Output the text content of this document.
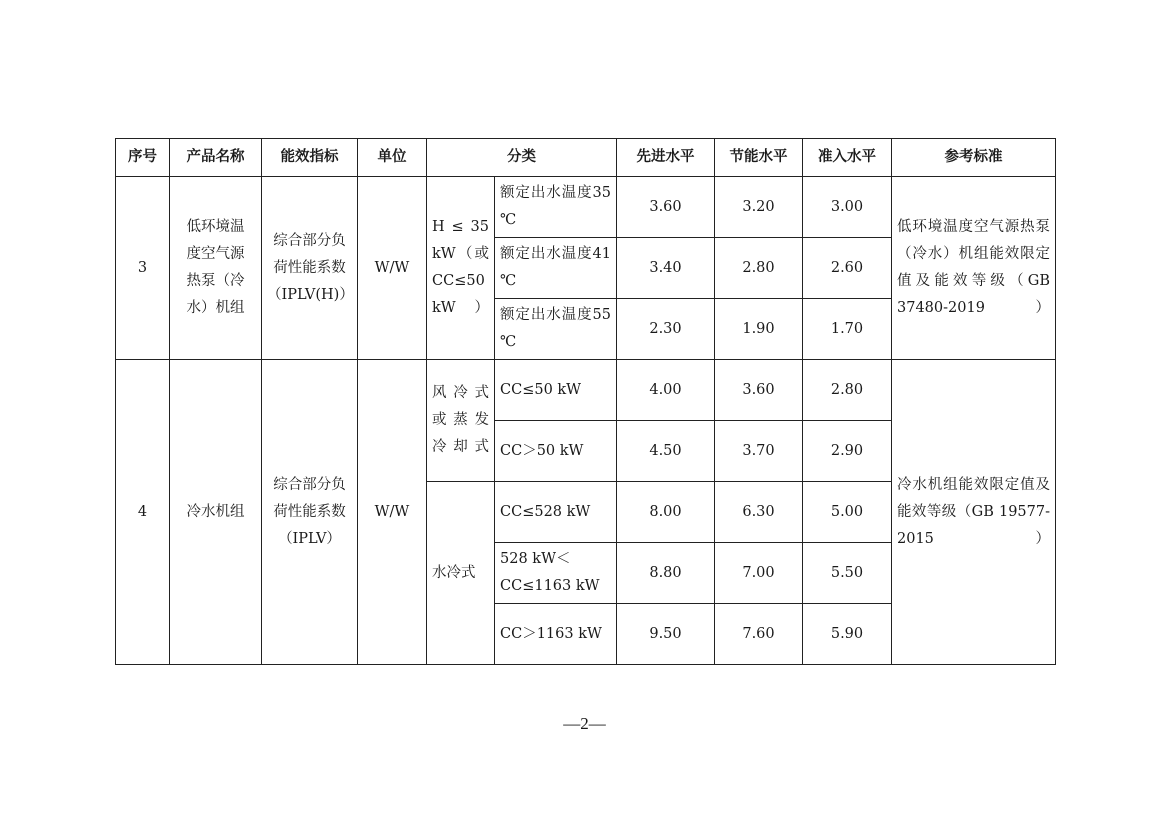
序号	产品名称	能效指标	单位	分类		先进水平	节能水平	准入水平	参考标准
3	低环境温度空气源热泵（冷水）机组	综合部分负荷性能系数（IPLV(H)）	W/W	H ≤ 35 kW（或CC≤50 kW）	额定出水温度35 ℃	3.60	3.20	3.00	低环境温度空气源热泵（冷水）机组能效限定值及能效等级（GB 37480-2019 ）
					额定出水温度41 ℃	3.40	2.80	2.60	
					额定出水温度55 ℃	2.30	1.90	1.70	
4	冷水机组	综合部分负荷性能系数（IPLV）	W/W	风冷式或蒸发冷却式	CC≤50 kW	4.00	3.60	2.80	冷水机组能效限定值及能效等级（GB 19577-2015）
					CC＞50 kW	4.50	3.70	2.90	
				水冷式	CC≤528 kW	8.00	6.30	5.00	
					528 kW＜CC≤1163 kW	8.80	7.00	5.50	
					CC＞1163 kW	9.50	7.60	5.90	
—2—
